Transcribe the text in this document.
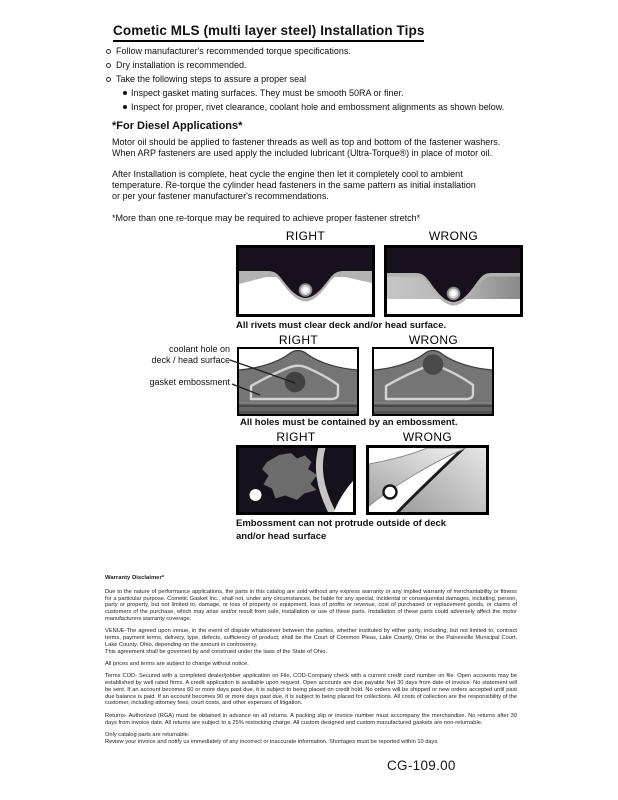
Cometic MLS (multi layer steel) Installation Tips
Follow manufacturer's recommended torque specifications.
Dry installation is recommended.
Take the following steps to assure a proper seal
Inspect gasket mating surfaces. They must be smooth 50RA or finer.
Inspect for proper, rivet clearance, coolant hole and embossment alignments as shown below.
*For Diesel Applications*
Motor oil should be applied to fastener threads as well as top and bottom of the fastener washers.
When ARP fasteners are used apply the included lubricant (Ultra-Torque®) in place of motor oil.
After Installation is complete, heat cycle the engine then let it completely cool to ambient
temperature. Re-torque the cylinder head fasteners in the same pattern as initial installation
or per your fastener manufacturer's recommendations.
*More than one re-torque may be required to achieve proper fastener stretch*
RIGHT	WRONG
All rivets must clear deck and/or head surface.
RIGHT	WRONG
coolant hole on
deck / head surface
gasket embossment
All holes must be contained by an embossment.
RIGHT	WRONG
Embossment can not protrude outside of deck and/or head surface
Warranty Disclaimer*
Due to the nature of performance applications, the parts in this catalog are sold without any express warranty or any implied warranty of merchantability or fitness for a particular purpose. Cometic Gasket Inc., shall not, under any circumstances, be liable for any special, incidental or consequential damages, including, person, party or property, but not limited to, damage, or loss of property or equipment, loss of profits or revenue, cost of purchased or replacement goods, or claims of customers of the purchase, which may arise and/or result from sale, installation or use of these parts. Installation of these parts could adversely affect the motor manufacturers warranty coverage.
VENUE-The agreed upon venue, in the event of dispute whatsoever between the parties, whether instituted by either party, including, but not limited to, contract terms, payment terms, delivery, type, defects, sufficiency of product, shall be the Court of Common Pleas, Lake County, Ohio or the Painesville Municipal Court, Lake County, Ohio, depending on the amount in controversy.
This agreement shall be governed by and construed under the laws of the State of Ohio.
All prices and terms are subject to change without notice.
Terms COD- Secured with a completed dealer/jobber application on File, COD-Company check with a current credit card number on file. Open accounts may be established by well rated firms. A credit application is available upon request. Open accounts are due payable Net 30 days from date of invoice. No statement will be sent. If an account becomes 60 or more days past due, it is subject to being placed on credit hold. No orders will be shipped or new orders accepted until past due balance is paid. If an account becomes 90 or more days past due, it is subject to being placed for collections. All costs of collection are the responsibility of the customer, including attorney fees, court costs, and other expenses of litigation.
Returns- Authorized (RGA) must be obtained in advance on all returns. A packing slip or invoice number must accompany the merchandise. No returns after 30 days from invoice date. All returns are subject to a 25% restocking charge. All custom designed and custom manufactured gaskets are non-returnable.
Only catalog parts are returnable.
Review your invoice and notify us immediately of any incorrect or inaccurate information. Shortages must be reported within 10 days.
CG-109.00
